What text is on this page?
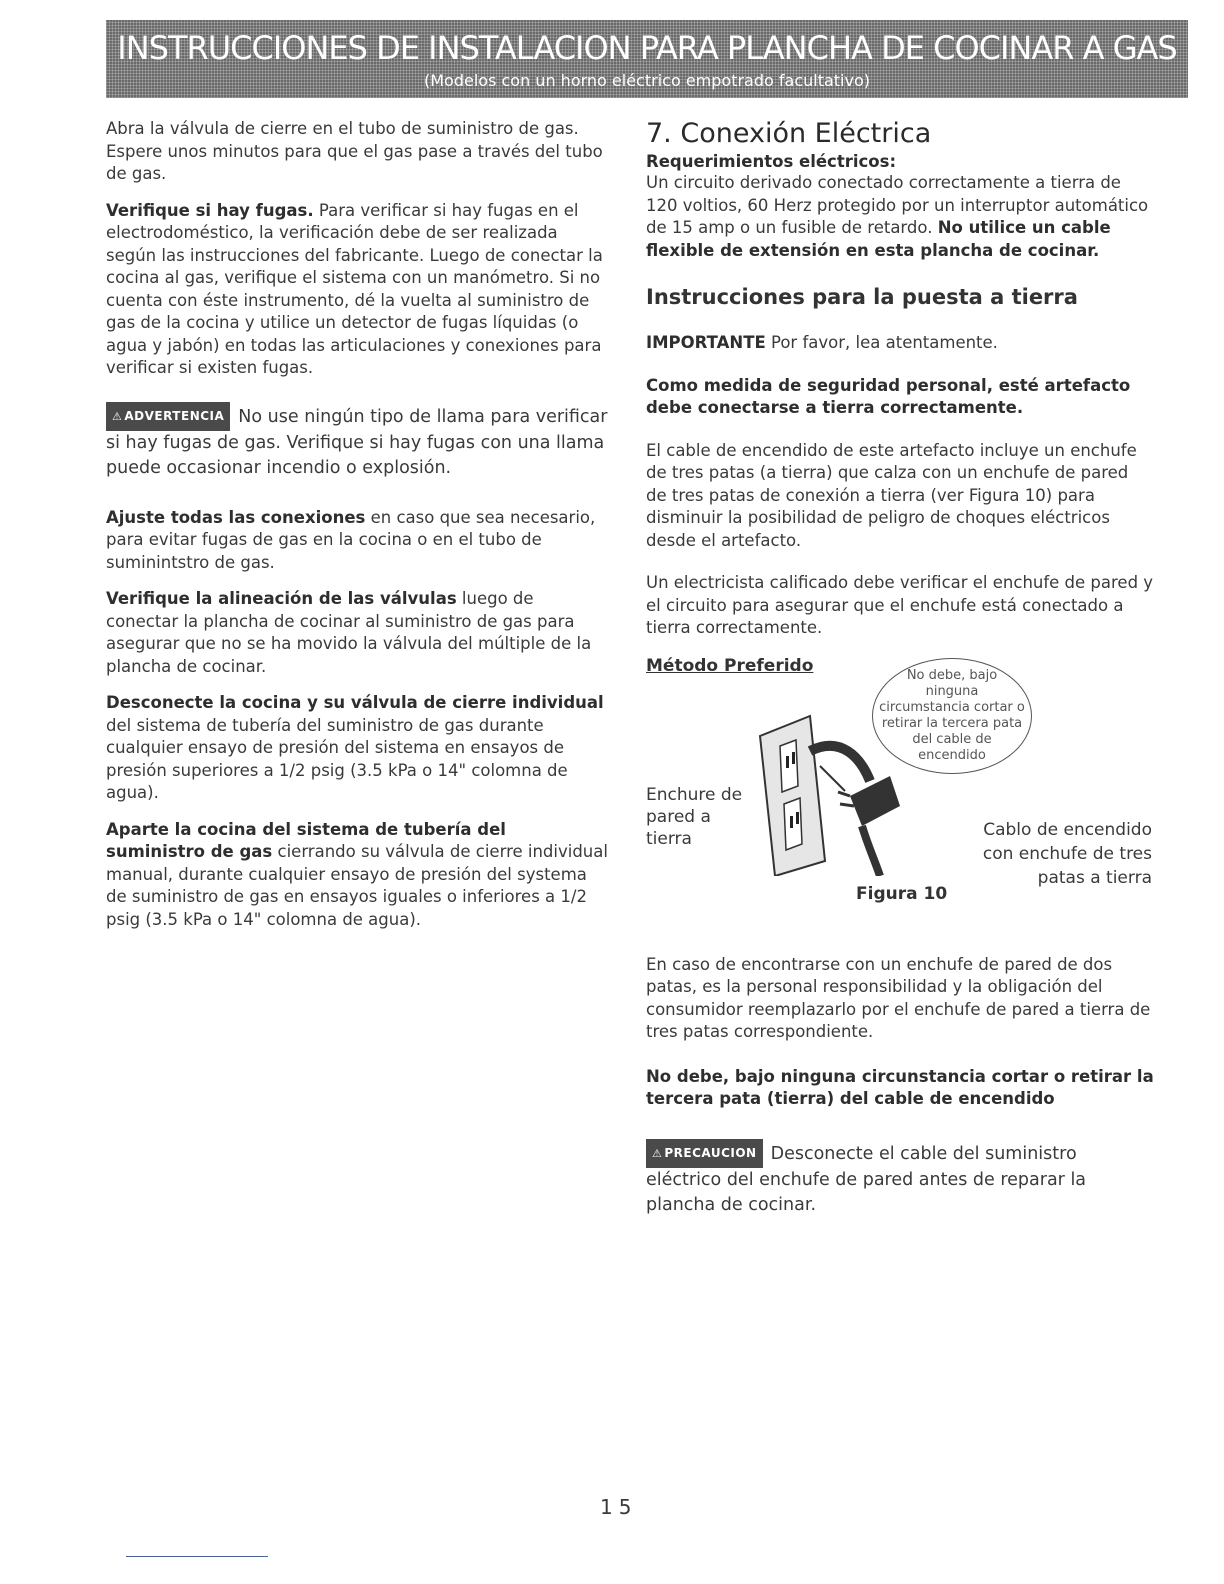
INSTRUCCIONES DE INSTALACION PARA PLANCHA DE COCINAR A GAS
(Modelos con un horno eléctrico empotrado facultativo)

Abra la válvula de cierre en el tubo de suministro de gas. Espere unos minutos para que el gas pase a través del tubo de gas.

Verifique si hay fugas. Para verificar si hay fugas en el electrodoméstico, la verificación debe de ser realizada según las instrucciones del fabricante. Luego de conectar la cocina al gas, verifique el sistema con un manómetro. Si no cuenta con éste instrumento, dé la vuelta al suministro de gas de la cocina y utilice un detector de fugas líquidas (o agua y jabón) en todas las articulaciones y conexiones para verificar si existen fugas.

⚠ ADVERTENCIA No use ningún tipo de llama para verificar si hay fugas de gas. Verifique si hay fugas con una llama puede occasionar incendio o explosión.

Ajuste todas las conexiones en caso que sea necesario, para evitar fugas de gas en la cocina o en el tubo de suminintstro de gas.

Verifique la alineación de las válvulas luego de conectar la plancha de cocinar al suministro de gas para asegurar que no se ha movido la válvula del múltiple de la plancha de cocinar.

Desconecte la cocina y su válvula de cierre individual del sistema de tubería del suministro de gas durante cualquier ensayo de presión del sistema en ensayos de presión superiores a 1/2 psig (3.5 kPa o 14" colomna de agua).

Aparte la cocina del sistema de tubería del suministro de gas cierrando su válvula de cierre individual manual, durante cualquier ensayo de presión del systema de suministro de gas en ensayos iguales o inferiores a 1/2 psig (3.5 kPa o 14" colomna de agua).

7. Conexión Eléctrica
Requerimientos eléctricos:

Un circuito derivado conectado correctamente a tierra de 120 voltios, 60 Herz protegido por un interruptor automático de 15 amp o un fusible de retardo. No utilice un cable flexible de extensión en esta plancha de cocinar.

Instrucciones para la puesta a tierra

IMPORTANTE Por favor, lea atentamente.

Como medida de seguridad personal, esté artefacto debe conectarse a tierra correctamente.

El cable de encendido de este artefacto incluye un enchufe de tres patas (a tierra) que calza con un enchufe de pared de tres patas de conexión a tierra (ver Figura 10) para disminuir la posibilidad de peligro de choques eléctricos desde el artefacto.

Un electricista calificado debe verificar el enchufe de pared y el circuito para asegurar que el enchufe está conectado a tierra correctamente.

Método Preferido	No debe, bajo ninguna circumstancia cortar o retirar la tercera pata del cable de encendido
Enchure de pared a tierra	Cablo de encendido con enchufe de tres patas a tierra
Figura 10

En caso de encontrarse con un enchufe de pared de dos patas, es la personal responsibilidad y la obligación del consumidor reemplazarlo por el enchufe de pared a tierra de tres patas correspondiente.

No debe, bajo ninguna circunstancia cortar o retirar la tercera pata (tierra) del cable de encendido

⚠ PRECAUCION Desconecte el cable del suministro eléctrico del enchufe de pared antes de reparar la plancha de cocinar.

15
